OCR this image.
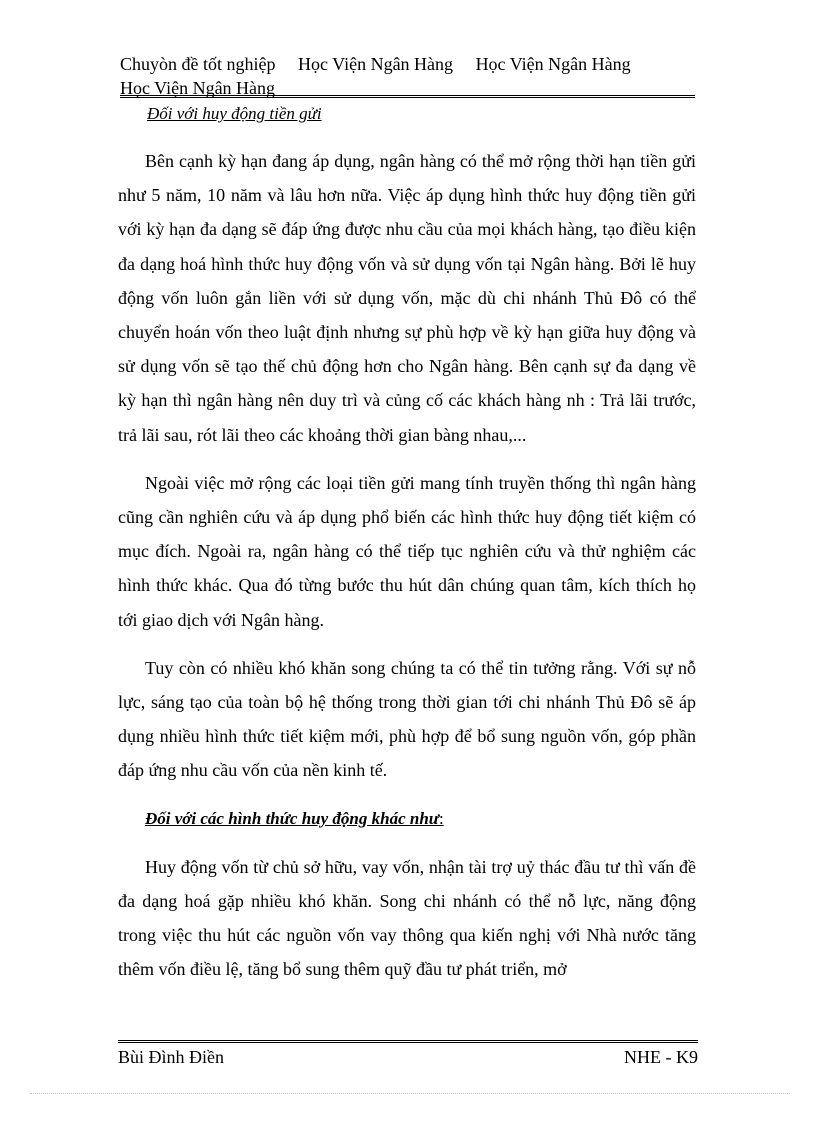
Chuyòn đề tốt nghiệp Học Viện Ngân Hàng Học Viện Ngân Hàng
Học Viện Ngân Hàng
Đối với huy động tiền gửi

Bên cạnh kỳ hạn đang áp dụng, ngân hàng có thể mở rộng thời hạn tiền gửi như 5 năm, 10 năm và lâu hơn nữa. Việc áp dụng hình thức huy động tiền gửi với kỳ hạn đa dạng sẽ đáp ứng được nhu cầu của mọi khách hàng, tạo điều kiện đa dạng hoá hình thức huy động vốn và sử dụng vốn tại Ngân hàng. Bởi lẽ huy động vốn luôn gắn liền với sử dụng vốn, mặc dù chi nhánh Thủ Đô có thể chuyển hoán vốn theo luật định nhưng sự phù hợp về kỳ hạn giữa huy động và sử dụng vốn sẽ tạo thế chủ động hơn cho Ngân hàng. Bên cạnh sự đa dạng về kỳ hạn thì ngân hàng nên duy trì và củng cố các khách hàng nh : Trả lãi trước, trả lãi sau, rót lãi theo các khoảng thời gian bàng nhau,...

Ngoài việc mở rộng các loại tiền gửi mang tính truyền thống thì ngân hàng cũng cần nghiên cứu và áp dụng phổ biến các hình thức huy động tiết kiệm có mục đích. Ngoài ra, ngân hàng có thể tiếp tục nghiên cứu và thử nghiệm các hình thức khác. Qua đó từng bước thu hút dân chúng quan tâm, kích thích họ tới giao dịch với Ngân hàng.

Tuy còn có nhiều khó khăn song chúng ta có thể tin tưởng rằng. Với sự nỗ lực, sáng tạo của toàn bộ hệ thống trong thời gian tới chi nhánh Thủ Đô sẽ áp dụng nhiều hình thức tiết kiệm mới, phù hợp để bổ sung nguồn vốn, góp phần đáp ứng nhu cầu vốn của nền kinh tế.

Đối với các hình thức huy động khác như:

Huy động vốn từ chủ sở hữu, vay vốn, nhận tài trợ uỷ thác đầu tư thì vấn đề đa dạng hoá gặp nhiều khó khăn. Song chi nhánh có thể nỗ lực, năng động trong việc thu hút các nguồn vốn vay thông qua kiến nghị với Nhà nước tăng thêm vốn điều lệ, tăng bổ sung thêm quỹ đầu tư phát triển, mở

Bùi Đình Điền	NHE - K9
